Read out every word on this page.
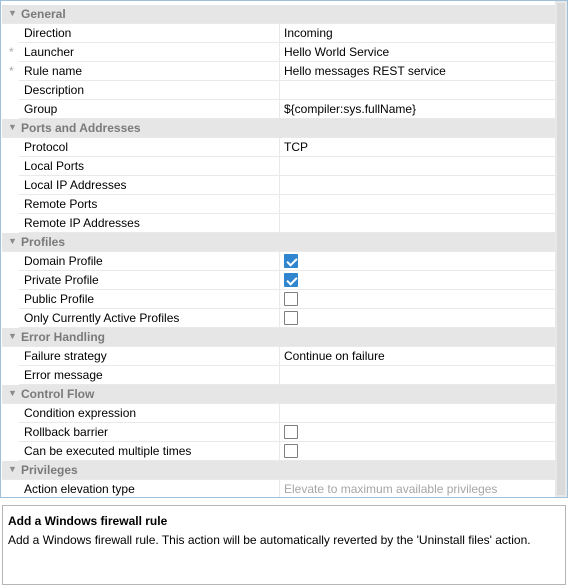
▼ General
Direction	Incoming
* Launcher	Hello World Service
* Rule name	Hello messages REST service
Description
Group	${compiler:sys.fullName}
▼ Ports and Addresses
Protocol	TCP
Local Ports
Local IP Addresses
Remote Ports
Remote IP Addresses
▼ Profiles
Domain Profile
Private Profile
Public Profile
Only Currently Active Profiles
▼ Error Handling
Failure strategy	Continue on failure
Error message
▼ Control Flow
Condition expression
Rollback barrier
Can be executed multiple times
▼ Privileges
Action elevation type	Elevate to maximum available privileges
Add a Windows firewall rule
Add a Windows firewall rule. This action will be automatically reverted by the 'Uninstall files' action.
